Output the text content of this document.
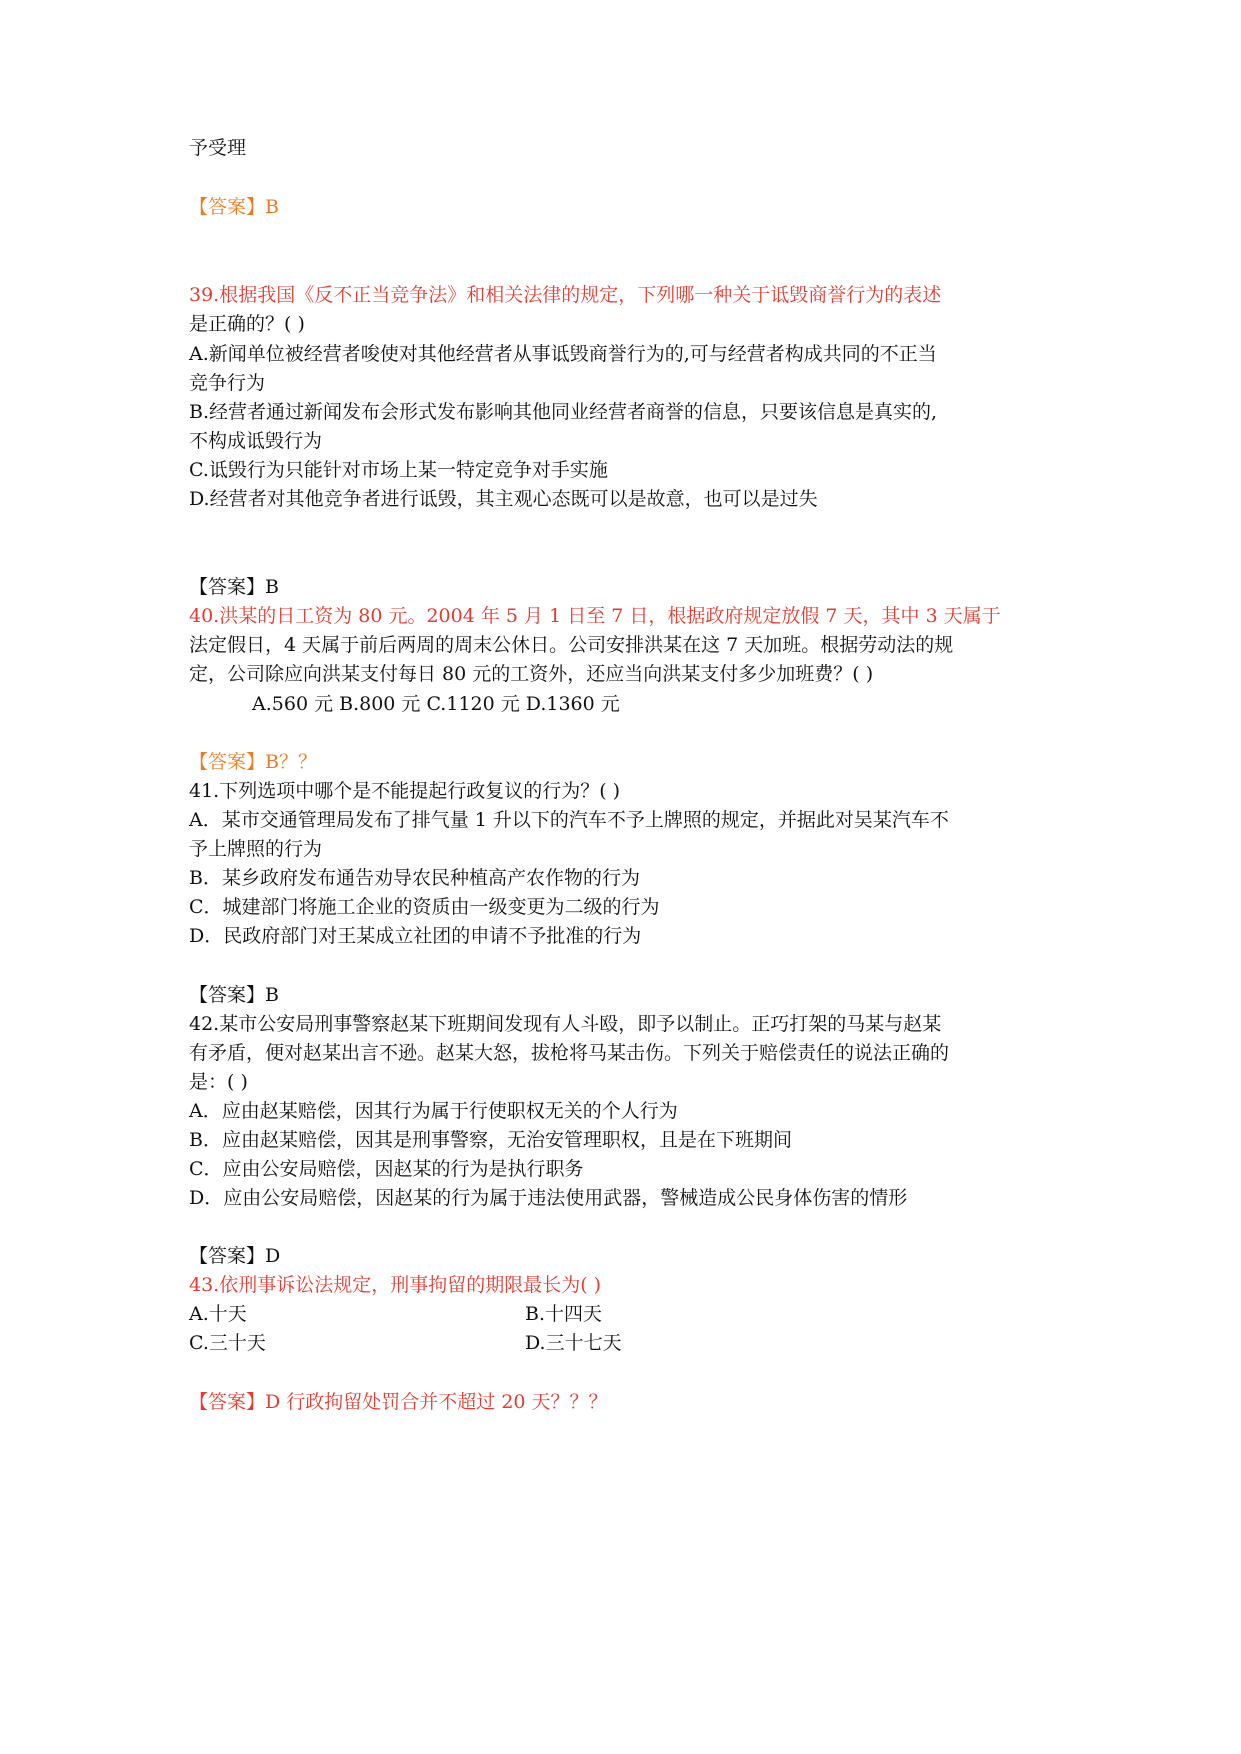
予受理
【答案】B
39.根据我国《反不正当竞争法》和相关法律的规定，下列哪一种关于诋毁商誉行为的表述
是正确的？( )
A.新闻单位被经营者唆使对其他经营者从事诋毁商誉行为的,可与经营者构成共同的不正当
竞争行为
B.经营者通过新闻发布会形式发布影响其他同业经营者商誉的信息，只要该信息是真实的,
不构成诋毁行为
C.诋毁行为只能针对市场上某一特定竞争对手实施
D.经营者对其他竞争者进行诋毁，其主观心态既可以是故意，也可以是过失
【答案】B
40.洪某的日工资为 80 元。2004 年 5 月 1 日至 7 日，根据政府规定放假 7 天，其中 3 天属于
法定假日，4 天属于前后两周的周末公休日。公司安排洪某在这 7 天加班。根据劳动法的规
定，公司除应向洪某支付每日 80 元的工资外，还应当向洪某支付多少加班费？( )
A.560 元 B.800 元 C.1120 元 D.1360 元
【答案】B？？
41.下列选项中哪个是不能提起行政复议的行为？( )
A．某市交通管理局发布了排气量 1 升以下的汽车不予上牌照的规定，并据此对吴某汽车不
予上牌照的行为
B．某乡政府发布通告劝导农民种植高产农作物的行为
C．城建部门将施工企业的资质由一级变更为二级的行为
D．民政府部门对王某成立社团的申请不予批准的行为
【答案】B
42.某市公安局刑事警察赵某下班期间发现有人斗殴，即予以制止。正巧打架的马某与赵某
有矛盾，便对赵某出言不逊。赵某大怒，拔枪将马某击伤。下列关于赔偿责任的说法正确的
是：( )
A．应由赵某赔偿，因其行为属于行使职权无关的个人行为
B．应由赵某赔偿，因其是刑事警察，无治安管理职权，且是在下班期间
C．应由公安局赔偿，因赵某的行为是执行职务
D．应由公安局赔偿，因赵某的行为属于违法使用武器，警械造成公民身体伤害的情形
【答案】D
43.依刑事诉讼法规定，刑事拘留的期限最长为( )
A.十天	B.十四天
C.三十天	D.三十七天
【答案】D 行政拘留处罚合并不超过 20 天？？？
